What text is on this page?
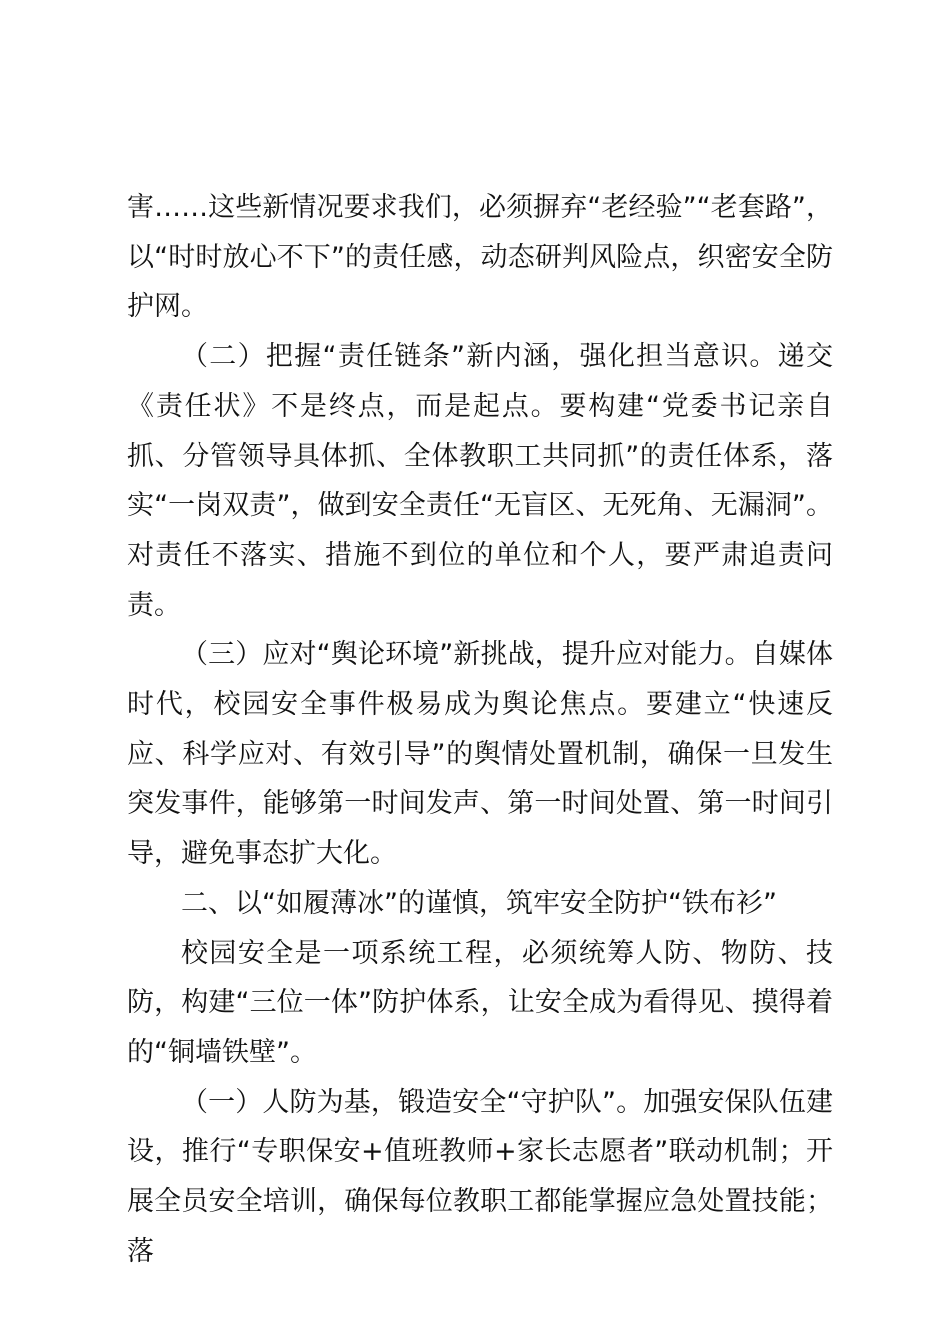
害……这些新情况要求我们，必须摒弃“老经验”“老套路”，以“时时放心不下”的责任感，动态研判风险点，织密安全防护网。

（二）把握“责任链条”新内涵，强化担当意识。递交《责任状》不是终点，而是起点。要构建“党委书记亲自抓、分管领导具体抓、全体教职工共同抓”的责任体系，落实“一岗双责”，做到安全责任“无盲区、无死角、无漏洞”。对责任不落实、措施不到位的单位和个人，要严肃追责问责。

（三）应对“舆论环境”新挑战，提升应对能力。自媒体时代，校园安全事件极易成为舆论焦点。要建立“快速反应、科学应对、有效引导”的舆情处置机制，确保一旦发生突发事件，能够第一时间发声、第一时间处置、第一时间引导，避免事态扩大化。

二、以“如履薄冰”的谨慎，筑牢安全防护“铁布衫”

校园安全是一项系统工程，必须统筹人防、物防、技防，构建“三位一体”防护体系，让安全成为看得见、摸得着的“铜墙铁壁”。

（一）人防为基，锻造安全“守护队”。加强安保队伍建设，推行“专职保安+值班教师+家长志愿者”联动机制；开展全员安全培训，确保每位教职工都能掌握应急处置技能；落
